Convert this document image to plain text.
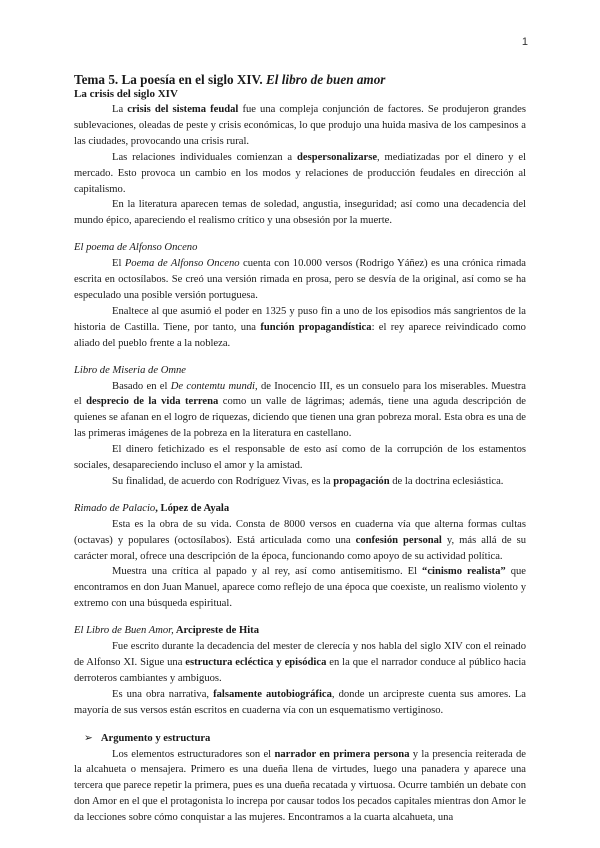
1
Tema 5. La poesía en el siglo XIV. El libro de buen amor
La crisis del siglo XIV

La crisis del sistema feudal fue una compleja conjunción de factores. Se produjeron grandes sublevaciones, oleadas de peste y crisis económicas, lo que produjo una huida masiva de los campesinos a las ciudades, provocando una crisis rural.

Las relaciones individuales comienzan a despersonalizarse, mediatizadas por el dinero y el mercado. Esto provoca un cambio en los modos y relaciones de producción feudales en dirección al capitalismo.

En la literatura aparecen temas de soledad, angustia, inseguridad; así como una decadencia del mundo épico, apareciendo el realismo crítico y una obsesión por la muerte.

El poema de Alfonso Onceno

El Poema de Alfonso Onceno cuenta con 10.000 versos (Rodrigo Yáñez) es una crónica rimada escrita en octosílabos. Se creó una versión rimada en prosa, pero se desvía de la original, así como se ha especulado una posible versión portuguesa.

Enaltece al que asumió el poder en 1325 y puso fin a uno de los episodios más sangrientos de la historia de Castilla. Tiene, por tanto, una función propagandística: el rey aparece reivindicado como aliado del pueblo frente a la nobleza.

Libro de Miseria de Omne

Basado en el De contemtu mundi, de Inocencio III, es un consuelo para los miserables. Muestra el desprecio de la vida terrena como un valle de lágrimas; además, tiene una aguda descripción de quienes se afanan en el logro de riquezas, diciendo que tienen una gran pobreza moral. Esta obra es una de las primeras imágenes de la pobreza en la literatura en castellano.

El dinero fetichizado es el responsable de esto así como de la corrupción de los estamentos sociales, desapareciendo incluso el amor y la amistad.

Su finalidad, de acuerdo con Rodríguez Vivas, es la propagación de la doctrina eclesiástica.

Rimado de Palacio, López de Ayala

Esta es la obra de su vida. Consta de 8000 versos en cuaderna vía que alterna formas cultas (octavas) y populares (octosílabos). Está articulada como una confesión personal y, más allá de su carácter moral, ofrece una descripción de la época, funcionando como apoyo de su actividad política.

Muestra una crítica al papado y al rey, así como antisemitismo. El “cinismo realista” que encontramos en don Juan Manuel, aparece como reflejo de una época que coexiste, un realismo violento y extremo con una búsqueda espiritual.

El Libro de Buen Amor, Arcipreste de Hita

Fue escrito durante la decadencia del mester de clerecía y nos habla del siglo XIV con el reinado de Alfonso XI. Sigue una estructura ecléctica y episódica en la que el narrador conduce al público hacia derroteros cambiantes y ambiguos.

Es una obra narrativa, falsamente autobiográfica, donde un arcipreste cuenta sus amores. La mayoría de sus versos están escritos en cuaderna vía con un esquematismo vertiginoso.

➢ Argumento y estructura

Los elementos estructuradores son el narrador en primera persona y la presencia reiterada de la alcahueta o mensajera. Primero es una dueña llena de virtudes, luego una panadera y aparece una tercera que parece repetir la primera, pues es una dueña recatada y virtuosa. Ocurre también un debate con don Amor en el que el protagonista lo increpa por causar todos los pecados capitales mientras don Amor le da lecciones sobre cómo conquistar a las mujeres. Encontramos a la cuarta alcahueta, una
